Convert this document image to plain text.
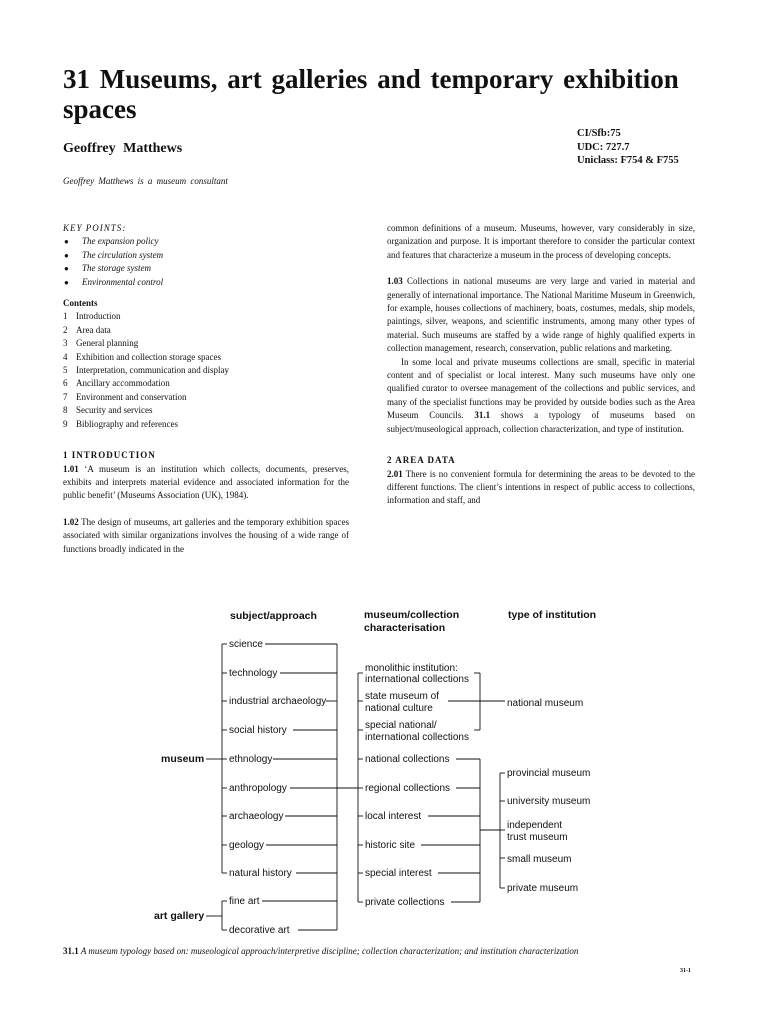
31 Museums, art galleries and temporary exhibition spaces
Geoffrey Matthews
CI/Sfb:75
UDC: 727.7
Uniclass: F754 & F755
Geoffrey Matthews is a museum consultant
KEY POINTS:
● The expansion policy
● The circulation system
● The storage system
● Environmental control
Contents
1 Introduction
2 Area data
3 General planning
4 Exhibition and collection storage spaces
5 Interpretation, communication and display
6 Ancillary accommodation
7 Environment and conservation
8 Security and services
9 Bibliography and references
1 INTRODUCTION

1.01 ‘A museum is an institution which collects, documents, preserves, exhibits and interprets material evidence and associated information for the public benefit’ (Museums Association (UK), 1984).

1.02 The design of museums, art galleries and the temporary exhibition spaces associated with similar organizations involves the housing of a wide range of functions broadly indicated in the

common definitions of a museum. Museums, however, vary considerably in size, organization and purpose. It is important therefore to consider the particular context and features that characterize a museum in the process of developing concepts.

1.03 Collections in national museums are very large and varied in material and generally of international importance. The National Maritime Museum in Greenwich, for example, houses collections of machinery, boats, costumes, medals, ship models, paintings, silver, weapons, and scientific instruments, among many other types of material. Such museums are staffed by a wide range of highly qualified experts in collection management, research, conservation, public relations and marketing.

In some local and private museums collections are small, specific in material content and of specialist or local interest. Many such museums have only one qualified curator to oversee management of the collections and public services, and many of the specialist functions may be provided by outside bodies such as the Area Museum Councils. 31.1 shows a typology of museums based on subject/museological approach, collection characterization, and type of institution.

2 AREA DATA

2.01 There is no convenient formula for determining the areas to be devoted to the different functions. The client’s intentions in respect of public access to collections, information and staff, and

subject/approach	museum/collection
characterisation
type of institution
museum
art gallery
science
technology
industrial archaeology
social history
ethnology
anthropology
archaeology
geology
natural history
fine art
decorative art
monolithic institution:
international collections
state museum of
national culture
special national/
international collections
national museum
national collections
regional collections
local interest
historic site
special interest
private collections
provincial museum
university museum
independent
trust museum
small museum
private museum
31.1 A museum typology based on: museological approach/interpretive discipline; collection characterization; and institution characterization
31-1
